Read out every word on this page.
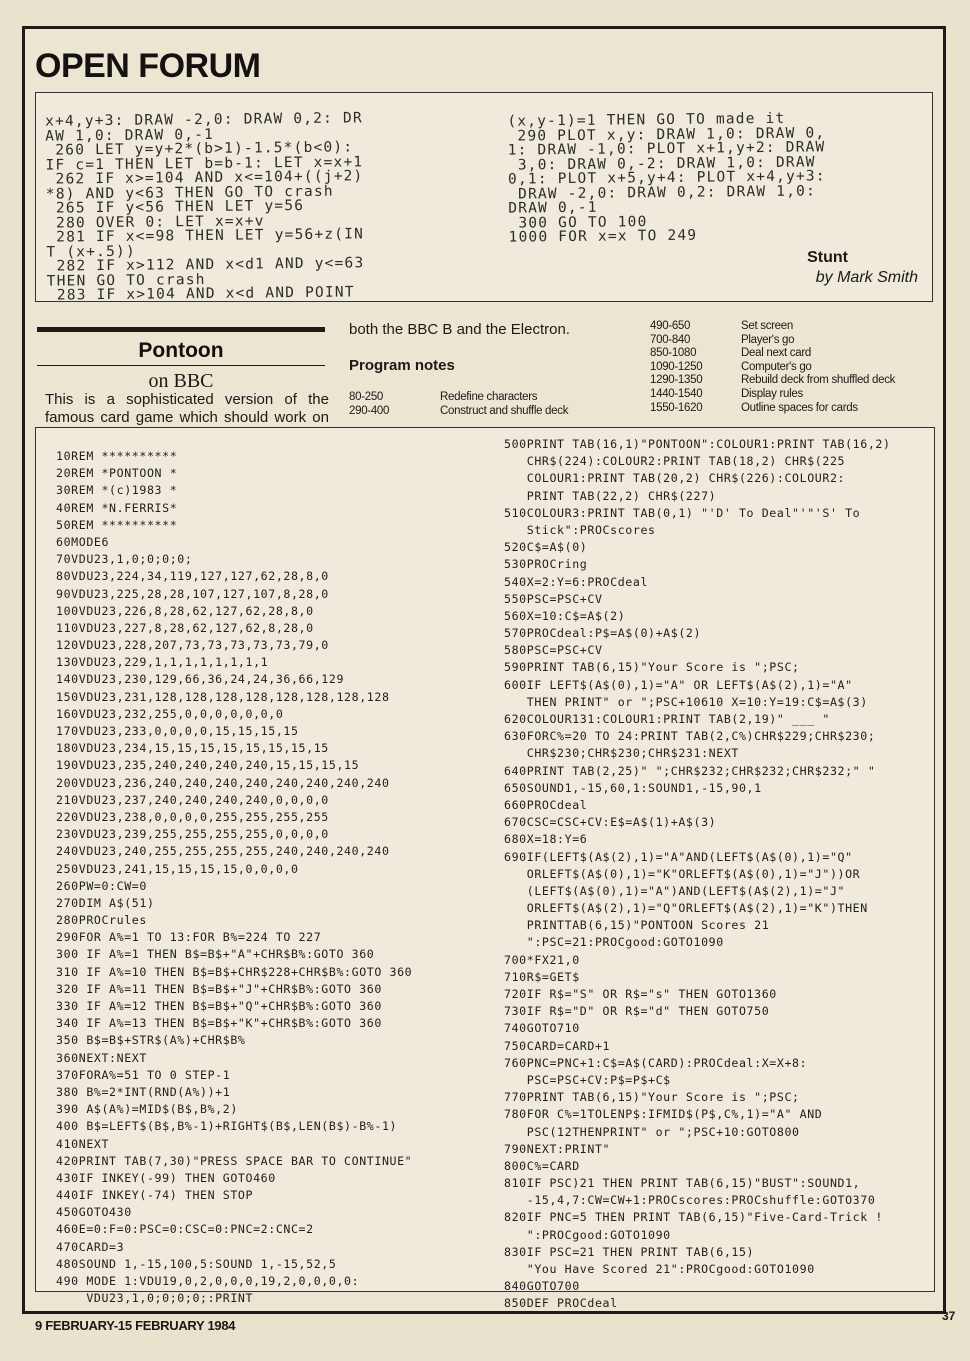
OPEN FORUM
x+4,y+3: DRAW -2,0: DRAW 0,2: DR
AW 1,0: DRAW 0,-1
260 LET y=y+2*(b>1)-1.5*(b<0):
IF c=1 THEN LET b=b-1: LET x=x+1
262 IF x>=104 AND x<=104+((j+2)
*8) AND y<63 THEN GO TO crash
265 IF y<56 THEN LET y=56
280 OVER 0: LET x=x+v
281 IF x<=98 THEN LET y=56+z(IN
T (x+.5))
282 IF x>112 AND x<d1 AND y<=63
THEN GO TO crash
283 IF x>104 AND x<d AND POINT
(x,y-1)=1 THEN GO TO made it
290 PLOT x,y: DRAW 1,0: DRAW 0,
1: DRAW -1,0: PLOT x+1,y+2: DRAW
3,0: DRAW 0,-2: DRAW 1,0: DRAW
0,1: PLOT x+5,y+4: PLOT x+4,y+3:
DRAW -2,0: DRAW 0,2: DRAW 1,0:
DRAW 0,-1
300 GO TO 100
1000 FOR x=x TO 249
Stunt
by Mark Smith
Pontoon
on BBC
This is a sophisticated version of the famous card game which should work on
both the BBC B and the Electron.
Program notes
80-250	Redefine characters
290-400	Construct and shuffle deck
490-650	Set screen
700-840	Player's go
850-1080	Deal next card
1090-1250	Computer's go
1290-1350	Rebuild deck from shuffled deck
1440-1540	Display rules
1550-1620	Outline spaces for cards
10REM **********
20REM *PONTOON *
30REM *(c)1983 *
40REM *N.FERRIS*
50REM **********
60MODE6
70VDU23,1,0;0;0;0;
80VDU23,224,34,119,127,127,62,28,8,0
90VDU23,225,28,28,107,127,107,8,28,0
100VDU23,226,8,28,62,127,62,28,8,0
110VDU23,227,8,28,62,127,62,8,28,0
120VDU23,228,207,73,73,73,73,73,79,0
130VDU23,229,1,1,1,1,1,1,1,1
140VDU23,230,129,66,36,24,24,36,66,129
150VDU23,231,128,128,128,128,128,128,128,128
160VDU23,232,255,0,0,0,0,0,0,0
170VDU23,233,0,0,0,0,15,15,15,15
180VDU23,234,15,15,15,15,15,15,15,15
190VDU23,235,240,240,240,240,15,15,15,15
200VDU23,236,240,240,240,240,240,240,240,240
210VDU23,237,240,240,240,240,0,0,0,0
220VDU23,238,0,0,0,0,255,255,255,255
230VDU23,239,255,255,255,255,0,0,0,0
240VDU23,240,255,255,255,255,240,240,240,240
250VDU23,241,15,15,15,15,0,0,0,0
260PW=0:CW=0
270DIM A$(51)
280PROCrules
290FOR A%=1 TO 13:FOR B%=224 TO 227
300 IF A%=1 THEN B$=B$+"A"+CHR$B%:GOTO 360
310 IF A%=10 THEN B$=B$+CHR$228+CHR$B%:GOTO 360
320 IF A%=11 THEN B$=B$+"J"+CHR$B%:GOTO 360
330 IF A%=12 THEN B$=B$+"Q"+CHR$B%:GOTO 360
340 IF A%=13 THEN B$=B$+"K"+CHR$B%:GOTO 360
350 B$=B$+STR$(A%)+CHR$B%
360NEXT:NEXT
370FORA%=51 TO 0 STEP-1
380 B%=2*INT(RND(A%))+1
390 A$(A%)=MID$(B$,B%,2)
400 B$=LEFT$(B$,B%-1)+RIGHT$(B$,LEN(B$)-B%-1)
410NEXT
420PRINT TAB(7,30)"PRESS SPACE BAR TO CONTINUE"
430IF INKEY(-99) THEN GOTO460
440IF INKEY(-74) THEN STOP
450GOTO430
460E=0:F=0:PSC=0:CSC=0:PNC=2:CNC=2
470CARD=3
480SOUND 1,-15,100,5:SOUND 1,-15,52,5
490 MODE 1:VDU19,0,2,0,0,0,19,2,0,0,0,0:
VDU23,1,0;0;0;0;:PRINT
500PRINT TAB(16,1)"PONTOON":COLOUR1:PRINT TAB(16,2)
CHR$(224):COLOUR2:PRINT TAB(18,2) CHR$(225
COLOUR1:PRINT TAB(20,2) CHR$(226):COLOUR2:
PRINT TAB(22,2) CHR$(227)
510COLOUR3:PRINT TAB(0,1) "'D' To Deal"'"'S' To
Stick":PROCscores
520C$=A$(0)
530PROCring
540X=2:Y=6:PROCdeal
550PSC=PSC+CV
560X=10:C$=A$(2)
570PROCdeal:P$=A$(0)+A$(2)
580PSC=PSC+CV
590PRINT TAB(6,15)"Your Score is ";PSC;
600IF LEFT$(A$(0),1)="A" OR LEFT$(A$(2),1)="A"
THEN PRINT" or ";PSC+10610 X=10:Y=19:C$=A$(3)
620COLOUR131:COLOUR1:PRINT TAB(2,19)" ___ "
630FORC%=20 TO 24:PRINT TAB(2,C%)CHR$229;CHR$230;
CHR$230;CHR$230;CHR$231:NEXT
640PRINT TAB(2,25)" ";CHR$232;CHR$232;CHR$232;" "
650SOUND1,-15,60,1:SOUND1,-15,90,1
660PROCdeal
670CSC=CSC+CV:E$=A$(1)+A$(3)
680X=18:Y=6
690IF(LEFT$(A$(2),1)="A"AND(LEFT$(A$(0),1)="Q"
ORLEFT$(A$(0),1)="K"ORLEFT$(A$(0),1)="J"))OR
(LEFT$(A$(0),1)="A")AND(LEFT$(A$(2),1)="J"
ORLEFT$(A$(2),1)="Q"ORLEFT$(A$(2),1)="K")THEN
PRINTTAB(6,15)"PONTOON Scores 21
":PSC=21:PROCgood:GOTO1090
700*FX21,0
710R$=GET$
720IF R$="S" OR R$="s" THEN GOTO1360
730IF R$="D" OR R$="d" THEN GOTO750
740GOTO710
750CARD=CARD+1
760PNC=PNC+1:C$=A$(CARD):PROCdeal:X=X+8:
PSC=PSC+CV:P$=P$+C$
770PRINT TAB(6,15)"Your Score is ";PSC;
780FOR C%=1TOLENP$:IFMID$(P$,C%,1)="A" AND
PSC(12THENPRINT" or ";PSC+10:GOTO800
790NEXT:PRINT"
800C%=CARD
810IF PSC)21 THEN PRINT TAB(6,15)"BUST":SOUND1,
-15,4,7:CW=CW+1:PROCscores:PROCshuffle:GOTO370
820IF PNC=5 THEN PRINT TAB(6,15)"Five-Card-Trick !
":PROCgood:GOTO1090
830IF PSC=21 THEN PRINT TAB(6,15)
"You Have Scored 21":PROCgood:GOTO1090
840GOTO700
850DEF PROCdeal
9 FEBRUARY-15 FEBRUARY 1984
37
